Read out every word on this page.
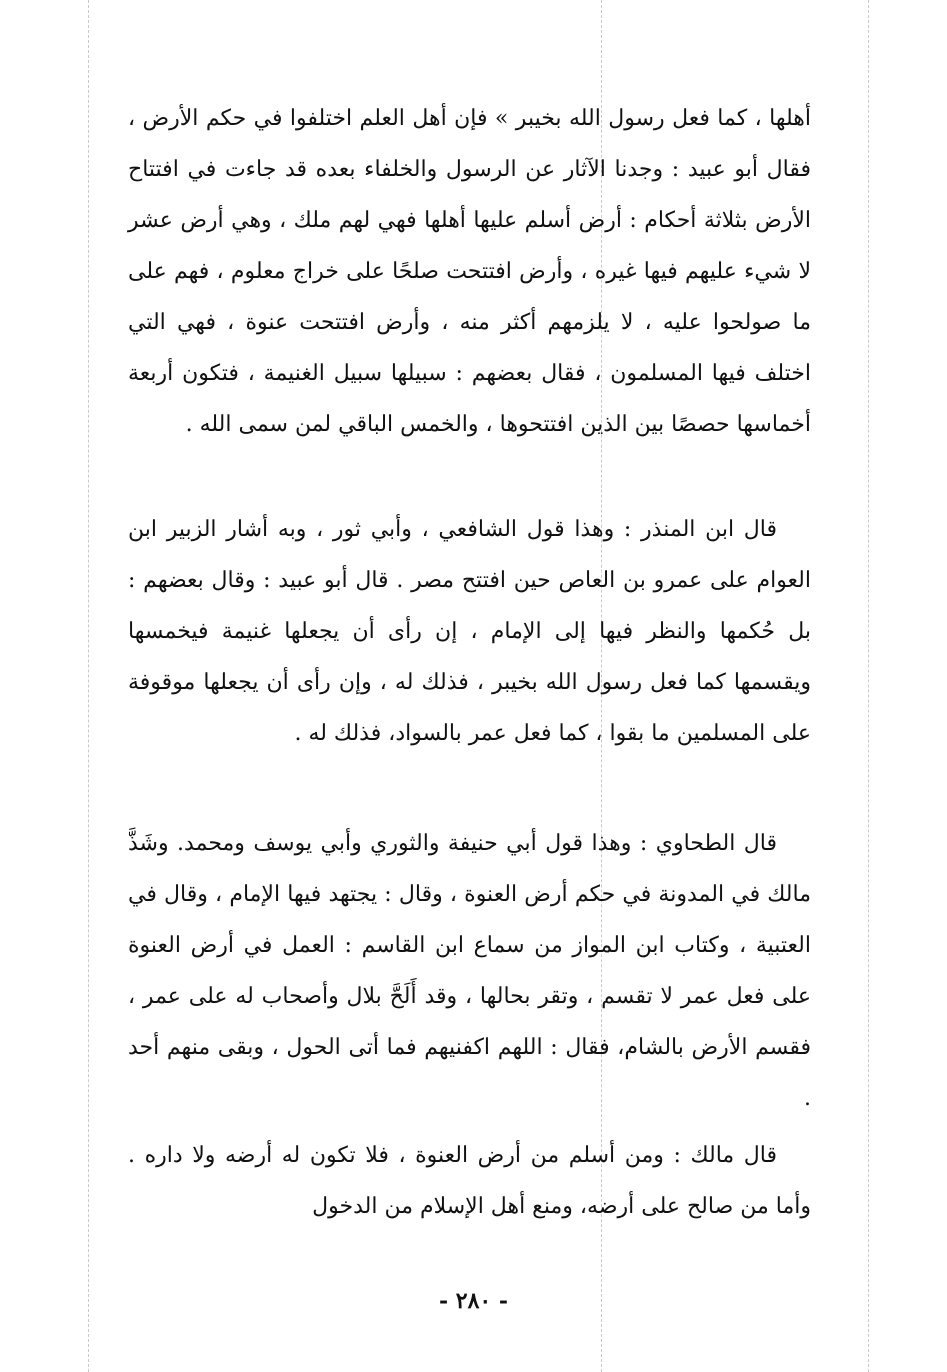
أهلها ، كما فعل رسول الله بخيبر » فإن أهل العلم اختلفوا في حكم الأرض ، فقال أبو عبيد : وجدنا الآثار عن الرسول والخلفاء بعده قد جاءت في افتتاح الأرض بثلاثة أحكام : أرض أسلم عليها أهلها فهي لهم ملك ، وهي أرض عشر لا شيء عليهم فيها غيره ، وأرض افتتحت صلحًا على خراج معلوم ، فهم على ما صولحوا عليه ، لا يلزمهم أكثر منه ، وأرض افتتحت عنوة ، فهي التي اختلف فيها المسلمون ، فقال بعضهم : سبيلها سبيل الغنيمة ، فتكون أربعة أخماسها حصصًا بين الذين افتتحوها ، والخمس الباقي لمن سمى الله .

قال ابن المنذر : وهذا قول الشافعي ، وأبي ثور ، وبه أشار الزبير ابن العوام على عمرو بن العاص حين افتتح مصر . قال أبو عبيد : وقال بعضهم : بل حُكمها والنظر فيها إلى الإمام ، إن رأى أن يجعلها غنيمة فيخمسها ويقسمها كما فعل رسول الله بخيبر ، فذلك له ، وإن رأى أن يجعلها موقوفة على المسلمين ما بقوا ، كما فعل عمر بالسواد، فذلك له .

قال الطحاوي : وهذا قول أبي حنيفة والثوري وأبي يوسف ومحمد. وشَذَّ مالك في المدونة في حكم أرض العنوة ، وقال : يجتهد فيها الإمام ، وقال في العتبية ، وكتاب ابن المواز من سماع ابن القاسم : العمل في أرض العنوة على فعل عمر لا تقسم ، وتقر بحالها ، وقد أَلَحَّ بلال وأصحاب له على عمر ، فقسم الأرض بالشام، فقال : اللهم اكفنيهم فما أتى الحول ، وبقى منهم أحد .

قال مالك : ومن أسلم من أرض العنوة ، فلا تكون له أرضه ولا داره . وأما من صالح على أرضه، ومنع أهل الإسلام من الدخول

- ٢٨٠ -
